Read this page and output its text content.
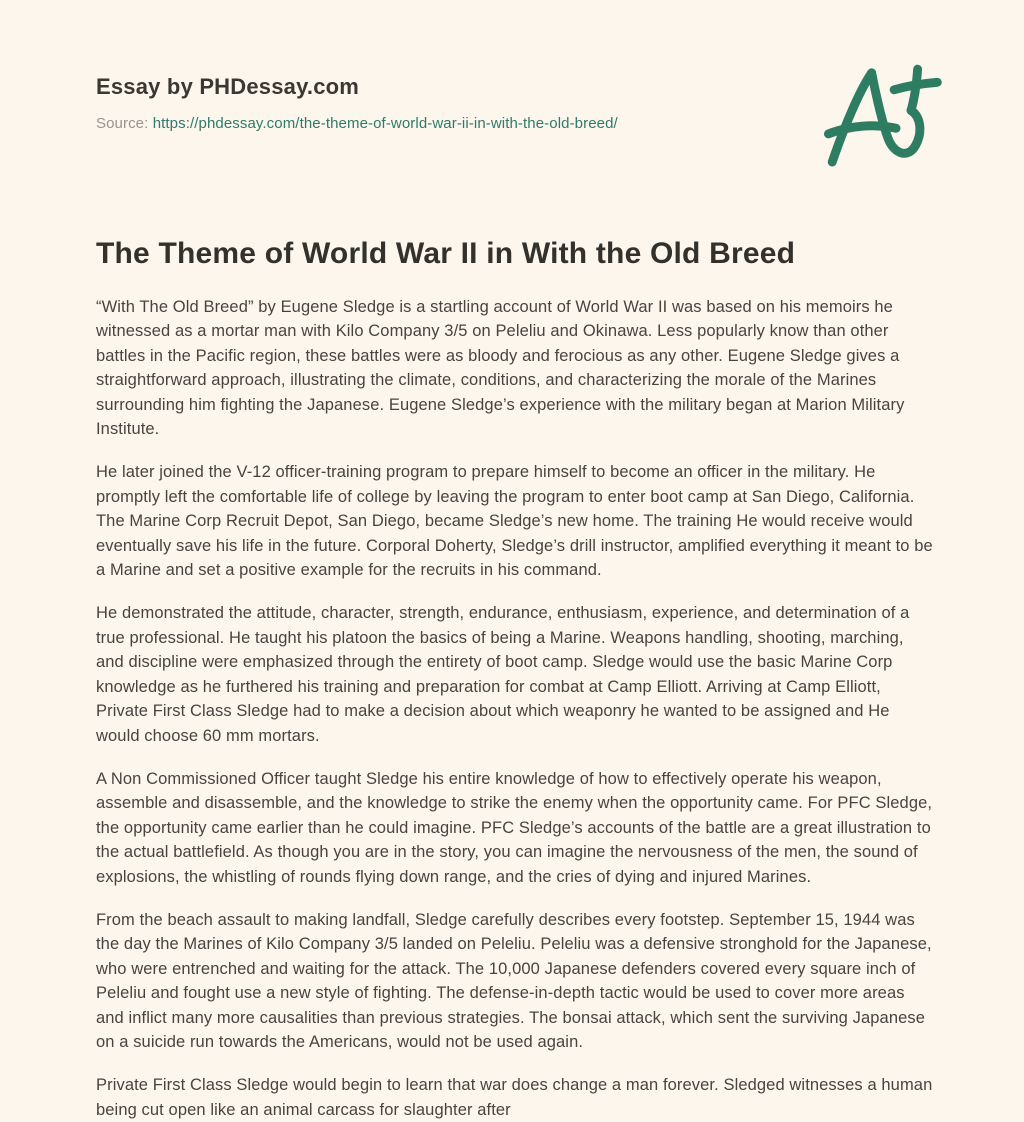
Essay by PHDessay.com
Source: https://phdessay.com/the-theme-of-world-war-ii-in-with-the-old-breed/
The Theme of World War II in With the Old Breed

“With The Old Breed” by Eugene Sledge is a startling account of World War II was based on his memoirs he witnessed as a mortar man with Kilo Company 3/5 on Peleliu and Okinawa. Less popularly know than other battles in the Pacific region, these battles were as bloody and ferocious as any other. Eugene Sledge gives a straightforward approach, illustrating the climate, conditions, and characterizing the morale of the Marines surrounding him fighting the Japanese. Eugene Sledge’s experience with the military began at Marion Military Institute.

He later joined the V-12 officer-training program to prepare himself to become an officer in the military. He promptly left the comfortable life of college by leaving the program to enter boot camp at San Diego, California. The Marine Corp Recruit Depot, San Diego, became Sledge’s new home. The training He would receive would eventually save his life in the future. Corporal Doherty, Sledge’s drill instructor, amplified everything it meant to be a Marine and set a positive example for the recruits in his command.

He demonstrated the attitude, character, strength, endurance, enthusiasm, experience, and determination of a true professional. He taught his platoon the basics of being a Marine. Weapons handling, shooting, marching, and discipline were emphasized through the entirety of boot camp. Sledge would use the basic Marine Corp knowledge as he furthered his training and preparation for combat at Camp Elliott. Arriving at Camp Elliott, Private First Class Sledge had to make a decision about which weaponry he wanted to be assigned and He would choose 60 mm mortars.

A Non Commissioned Officer taught Sledge his entire knowledge of how to effectively operate his weapon, assemble and disassemble, and the knowledge to strike the enemy when the opportunity came. For PFC Sledge, the opportunity came earlier than he could imagine. PFC Sledge’s accounts of the battle are a great illustration to the actual battlefield. As though you are in the story, you can imagine the nervousness of the men, the sound of explosions, the whistling of rounds flying down range, and the cries of dying and injured Marines.

From the beach assault to making landfall, Sledge carefully describes every footstep. September 15, 1944 was the day the Marines of Kilo Company 3/5 landed on Peleliu. Peleliu was a defensive stronghold for the Japanese, who were entrenched and waiting for the attack. The 10,000 Japanese defenders covered every square inch of Peleliu and fought use a new style of fighting. The defense-in-depth tactic would be used to cover more areas and inflict many more causalities than previous strategies. The bonsai attack, which sent the surviving Japanese on a suicide run towards the Americans, would not be used again.

Private First Class Sledge would begin to learn that war does change a man forever. Sledged witnesses a human being cut open like an animal carcass for slaughter after
